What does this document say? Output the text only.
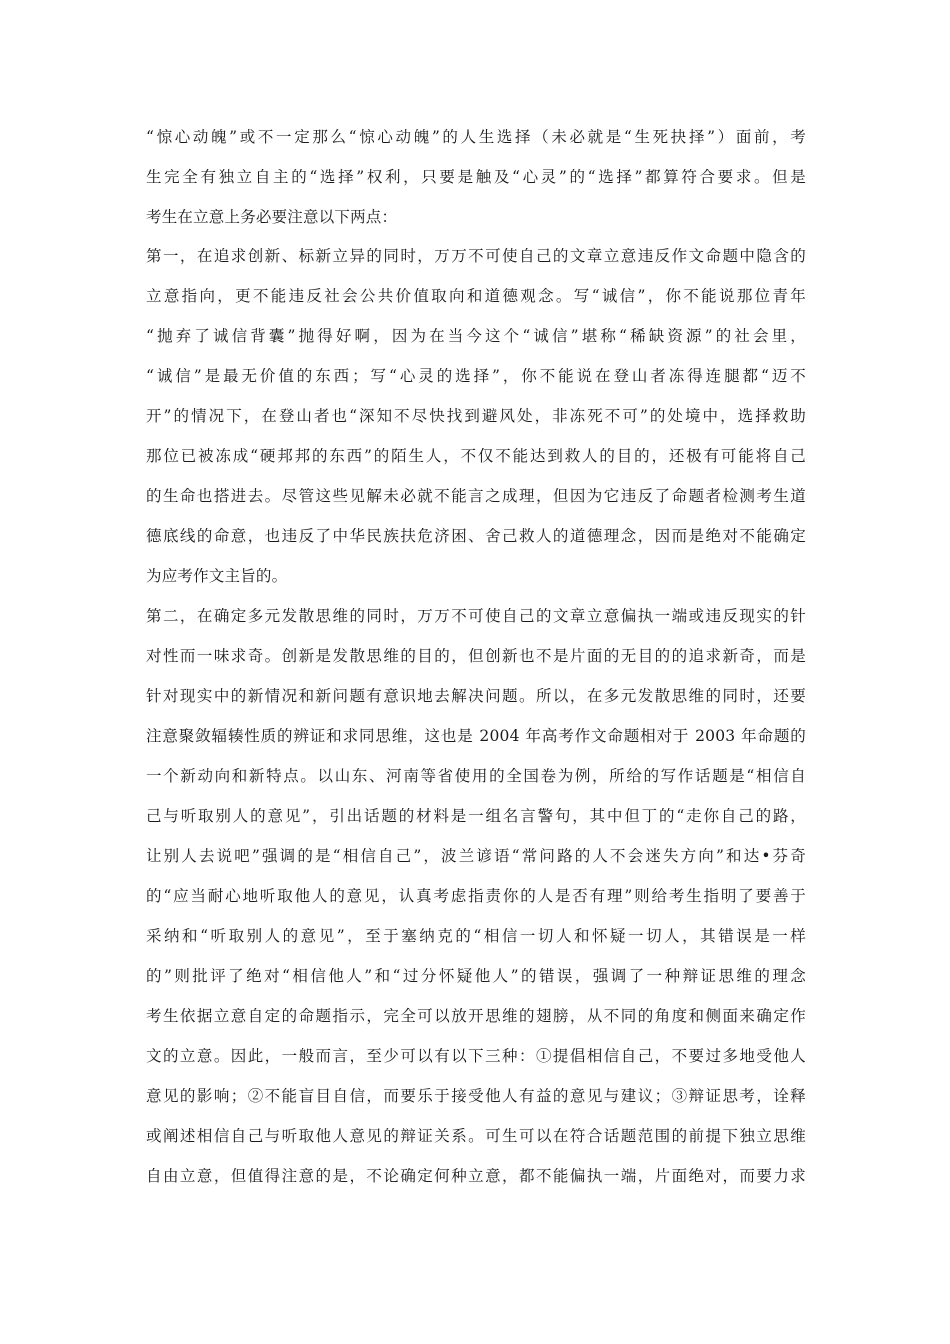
“惊心动魄”或不一定那么“惊心动魄”的人生选择（未必就是“生死抉择”）面前，考
生完全有独立自主的“选择”权利，只要是触及“心灵”的“选择”都算符合要求。但是
考生在立意上务必要注意以下两点：
第一，在追求创新、标新立异的同时，万万不可使自己的文章立意违反作文命题中隐含的
立意指向，更不能违反社会公共价值取向和道德观念。写“诚信”，你不能说那位青年
“抛弃了诚信背囊”抛得好啊，因为在当今这个“诚信”堪称“稀缺资源”的社会里，
“诚信”是最无价值的东西；写“心灵的选择”，你不能说在登山者冻得连腿都“迈不
开”的情况下，在登山者也“深知不尽快找到避风处，非冻死不可”的处境中，选择救助
那位已被冻成“硬邦邦的东西”的陌生人，不仅不能达到救人的目的，还极有可能将自己
的生命也搭进去。尽管这些见解未必就不能言之成理，但因为它违反了命题者检测考生道
德底线的命意，也违反了中华民族扶危济困、舍己救人的道德理念，因而是绝对不能确定
为应考作文主旨的。
第二，在确定多元发散思维的同时，万万不可使自己的文章立意偏执一端或违反现实的针
对性而一味求奇。创新是发散思维的目的，但创新也不是片面的无目的的追求新奇，而是
针对现实中的新情况和新问题有意识地去解决问题。所以，在多元发散思维的同时，还要
注意聚敛辐辏性质的辨证和求同思维，这也是 2004 年高考作文命题相对于 2003 年命题的
一个新动向和新特点。以山东、河南等省使用的全国卷为例，所给的写作话题是“相信自
己与听取别人的意见”，引出话题的材料是一组名言警句，其中但丁的“走你自己的路，
让别人去说吧”强调的是“相信自己”，波兰谚语“常问路的人不会迷失方向”和达•芬奇
的“应当耐心地听取他人的意见，认真考虑指责你的人是否有理”则给考生指明了要善于
采纳和“听取别人的意见”，至于塞纳克的“相信一切人和怀疑一切人，其错误是一样
的”则批评了绝对“相信他人”和“过分怀疑他人”的错误，强调了一种辩证思维的理念
考生依据立意自定的命题指示，完全可以放开思维的翅膀，从不同的角度和侧面来确定作
文的立意。因此，一般而言，至少可以有以下三种：①提倡相信自己，不要过多地受他人
意见的影响；②不能盲目自信，而要乐于接受他人有益的意见与建议；③辩证思考，诠释
或阐述相信自己与听取他人意见的辩证关系。可生可以在符合话题范围的前提下独立思维
自由立意，但值得注意的是，不论确定何种立意，都不能偏执一端，片面绝对，而要力求
